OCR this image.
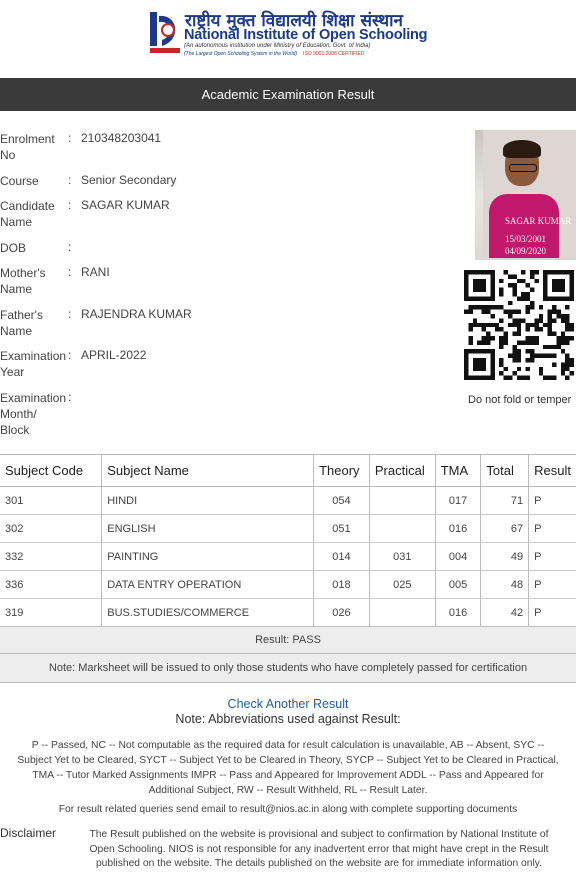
राष्ट्रीय मुक्त विद्यालयी शिक्षा संस्थान
National Institute of Open Schooling
(An autonomous institution under Ministry of Education, Govt. of India)
(The Largest Open Schooling System in the World) ISO 9001:2008 CERTIFIED
Academic Examination Result
Enrolment No
: 210348203041
Course	: Senior Secondary
Candidate Name
: SAGAR KUMAR
DOB	:
Mother's Name
: RANI
Father's Name
: RAJENDRA KUMAR
Examination Year
: APRIL-2022
Examination Month/ Block
:
SAGAR KUMAR
15/03/2001
04/09/2020
Do not fold or temper
Subject Code	Subject Name	Theory	Practical	TMA	Total	Result
301	HINDI	054		017	71	P
302	ENGLISH	051		016	67	P
332	PAINTING	014	031	004	49	P
336	DATA ENTRY OPERATION	018	025	005	48	P
319	BUS.STUDIES/COMMERCE	026		016	42	P
Result: PASS
Note: Marksheet will be issued to only those students who have completely passed for certification
Check Another Result
Note: Abbreviations used against Result:
P -- Passed, NC -- Not computable as the required data for result calculation is unavailable, AB -- Absent, SYC --
Subject Yet to be Cleared, SYCT -- Subject Yet to be Cleared in Theory, SYCP -- Subject Yet to be Cleared in Practical,
TMA -- Tutor Marked Assignments IMPR -- Pass and Appeared for Improvement ADDL -- Pass and Appeared for
Additional Subject, RW -- Result Withheld, RL -- Result Later.
For result related queries send email to result@nios.ac.in along with complete supporting documents
Disclaimer	The Result published on the website is provisional and subject to confirmation by National Institute of
Open Schooling. NIOS is not responsible for any inadvertent error that might have crept in the Result
published on the website. The details published on the website are for immediate information only.
